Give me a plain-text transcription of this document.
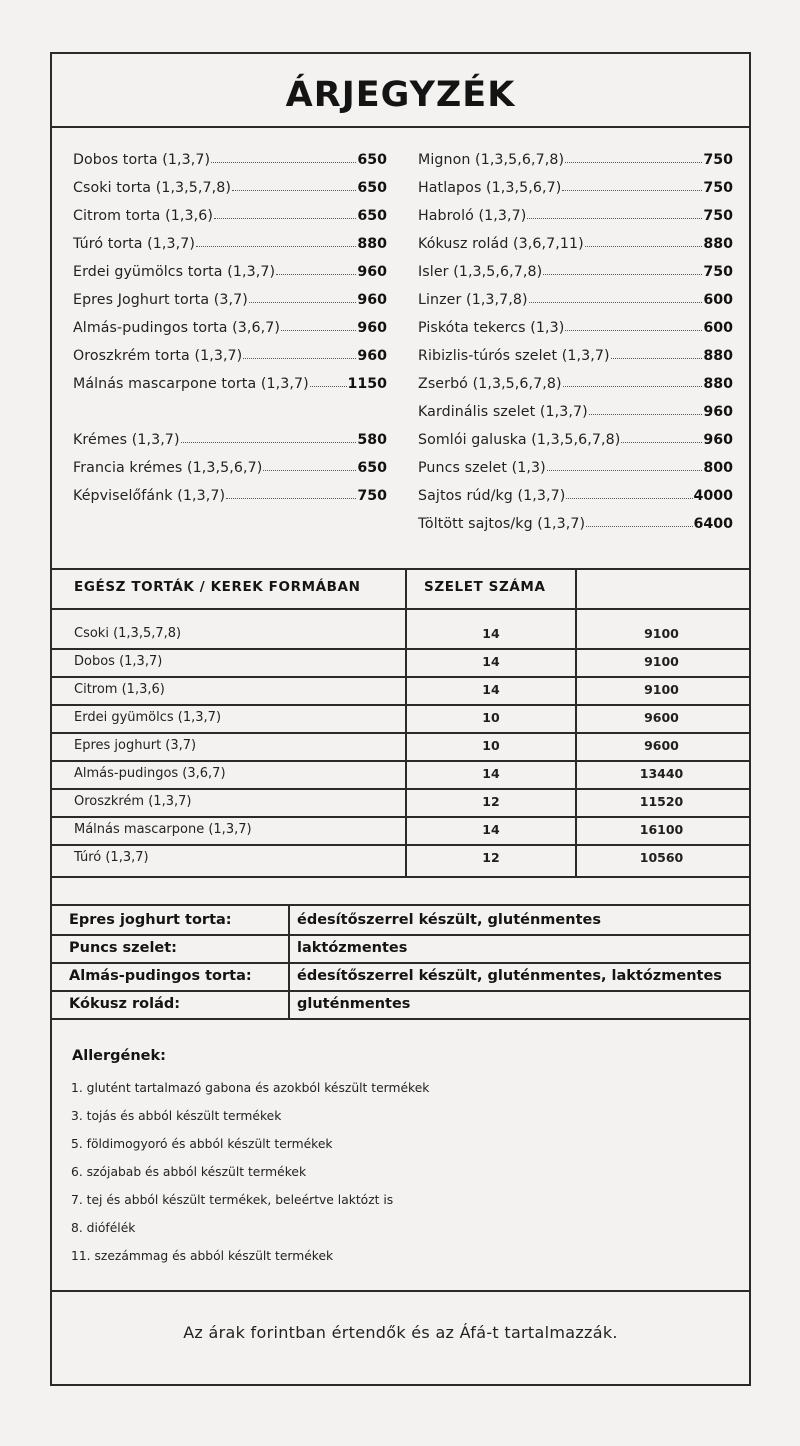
ÁRJEGYZÉK
Dobos torta (1,3,7)	650
Csoki torta (1,3,5,7,8)	650
Citrom torta (1,3,6)	650
Túró torta (1,3,7)	880
Erdei gyümölcs torta (1,3,7)	960
Epres Joghurt torta (3,7)	960
Almás-pudingos torta (3,6,7)	960
Oroszkrém torta (1,3,7)	960
Málnás mascarpone torta (1,3,7)	1150
Krémes (1,3,7)	580
Francia krémes (1,3,5,6,7)	650
Képviselőfánk (1,3,7)	750
Mignon (1,3,5,6,7,8)	750
Hatlapos (1,3,5,6,7)	750
Habroló (1,3,7)	750
Kókusz rolád (3,6,7,11)	880
Isler (1,3,5,6,7,8)	750
Linzer (1,3,7,8)	600
Piskóta tekercs (1,3)	600
Ribizlis-túrós szelet (1,3,7)	880
Zserbó (1,3,5,6,7,8)	880
Kardinális szelet (1,3,7)	960
Somlói galuska (1,3,5,6,7,8)	960
Puncs szelet (1,3)	800
Sajtos rúd/kg (1,3,7)	4000
Töltött sajtos/kg (1,3,7)	6400
EGÉSZ TORTÁK / KEREK FORMÁBAN	SZELET SZÁMA
Csoki (1,3,5,7,8)	14	9100
Dobos (1,3,7)	14	9100
Citrom (1,3,6)	14	9100
Erdei gyümölcs (1,3,7)	10	9600
Epres joghurt (3,7)	10	9600
Almás-pudingos (3,6,7)	14	13440
Oroszkrém (1,3,7)	12	11520
Málnás mascarpone (1,3,7)	14	16100
Túró (1,3,7)	12	10560
Epres joghurt torta:	édesítőszerrel készült, gluténmentes
Puncs szelet:	laktózmentes
Almás-pudingos torta:	édesítőszerrel készült, gluténmentes, laktózmentes
Kókusz rolád:	gluténmentes
Allergének:
1. glutént tartalmazó gabona és azokból készült termékek
3. tojás és abból készült termékek
5. földimogyoró és abból készült termékek
6. szójabab és abból készült termékek
7. tej és abból készült termékek, beleértve laktózt is
8. diófélék
11. szezámmag és abból készült termékek
Az árak forintban értendők és az Áfá-t tartalmazzák.
